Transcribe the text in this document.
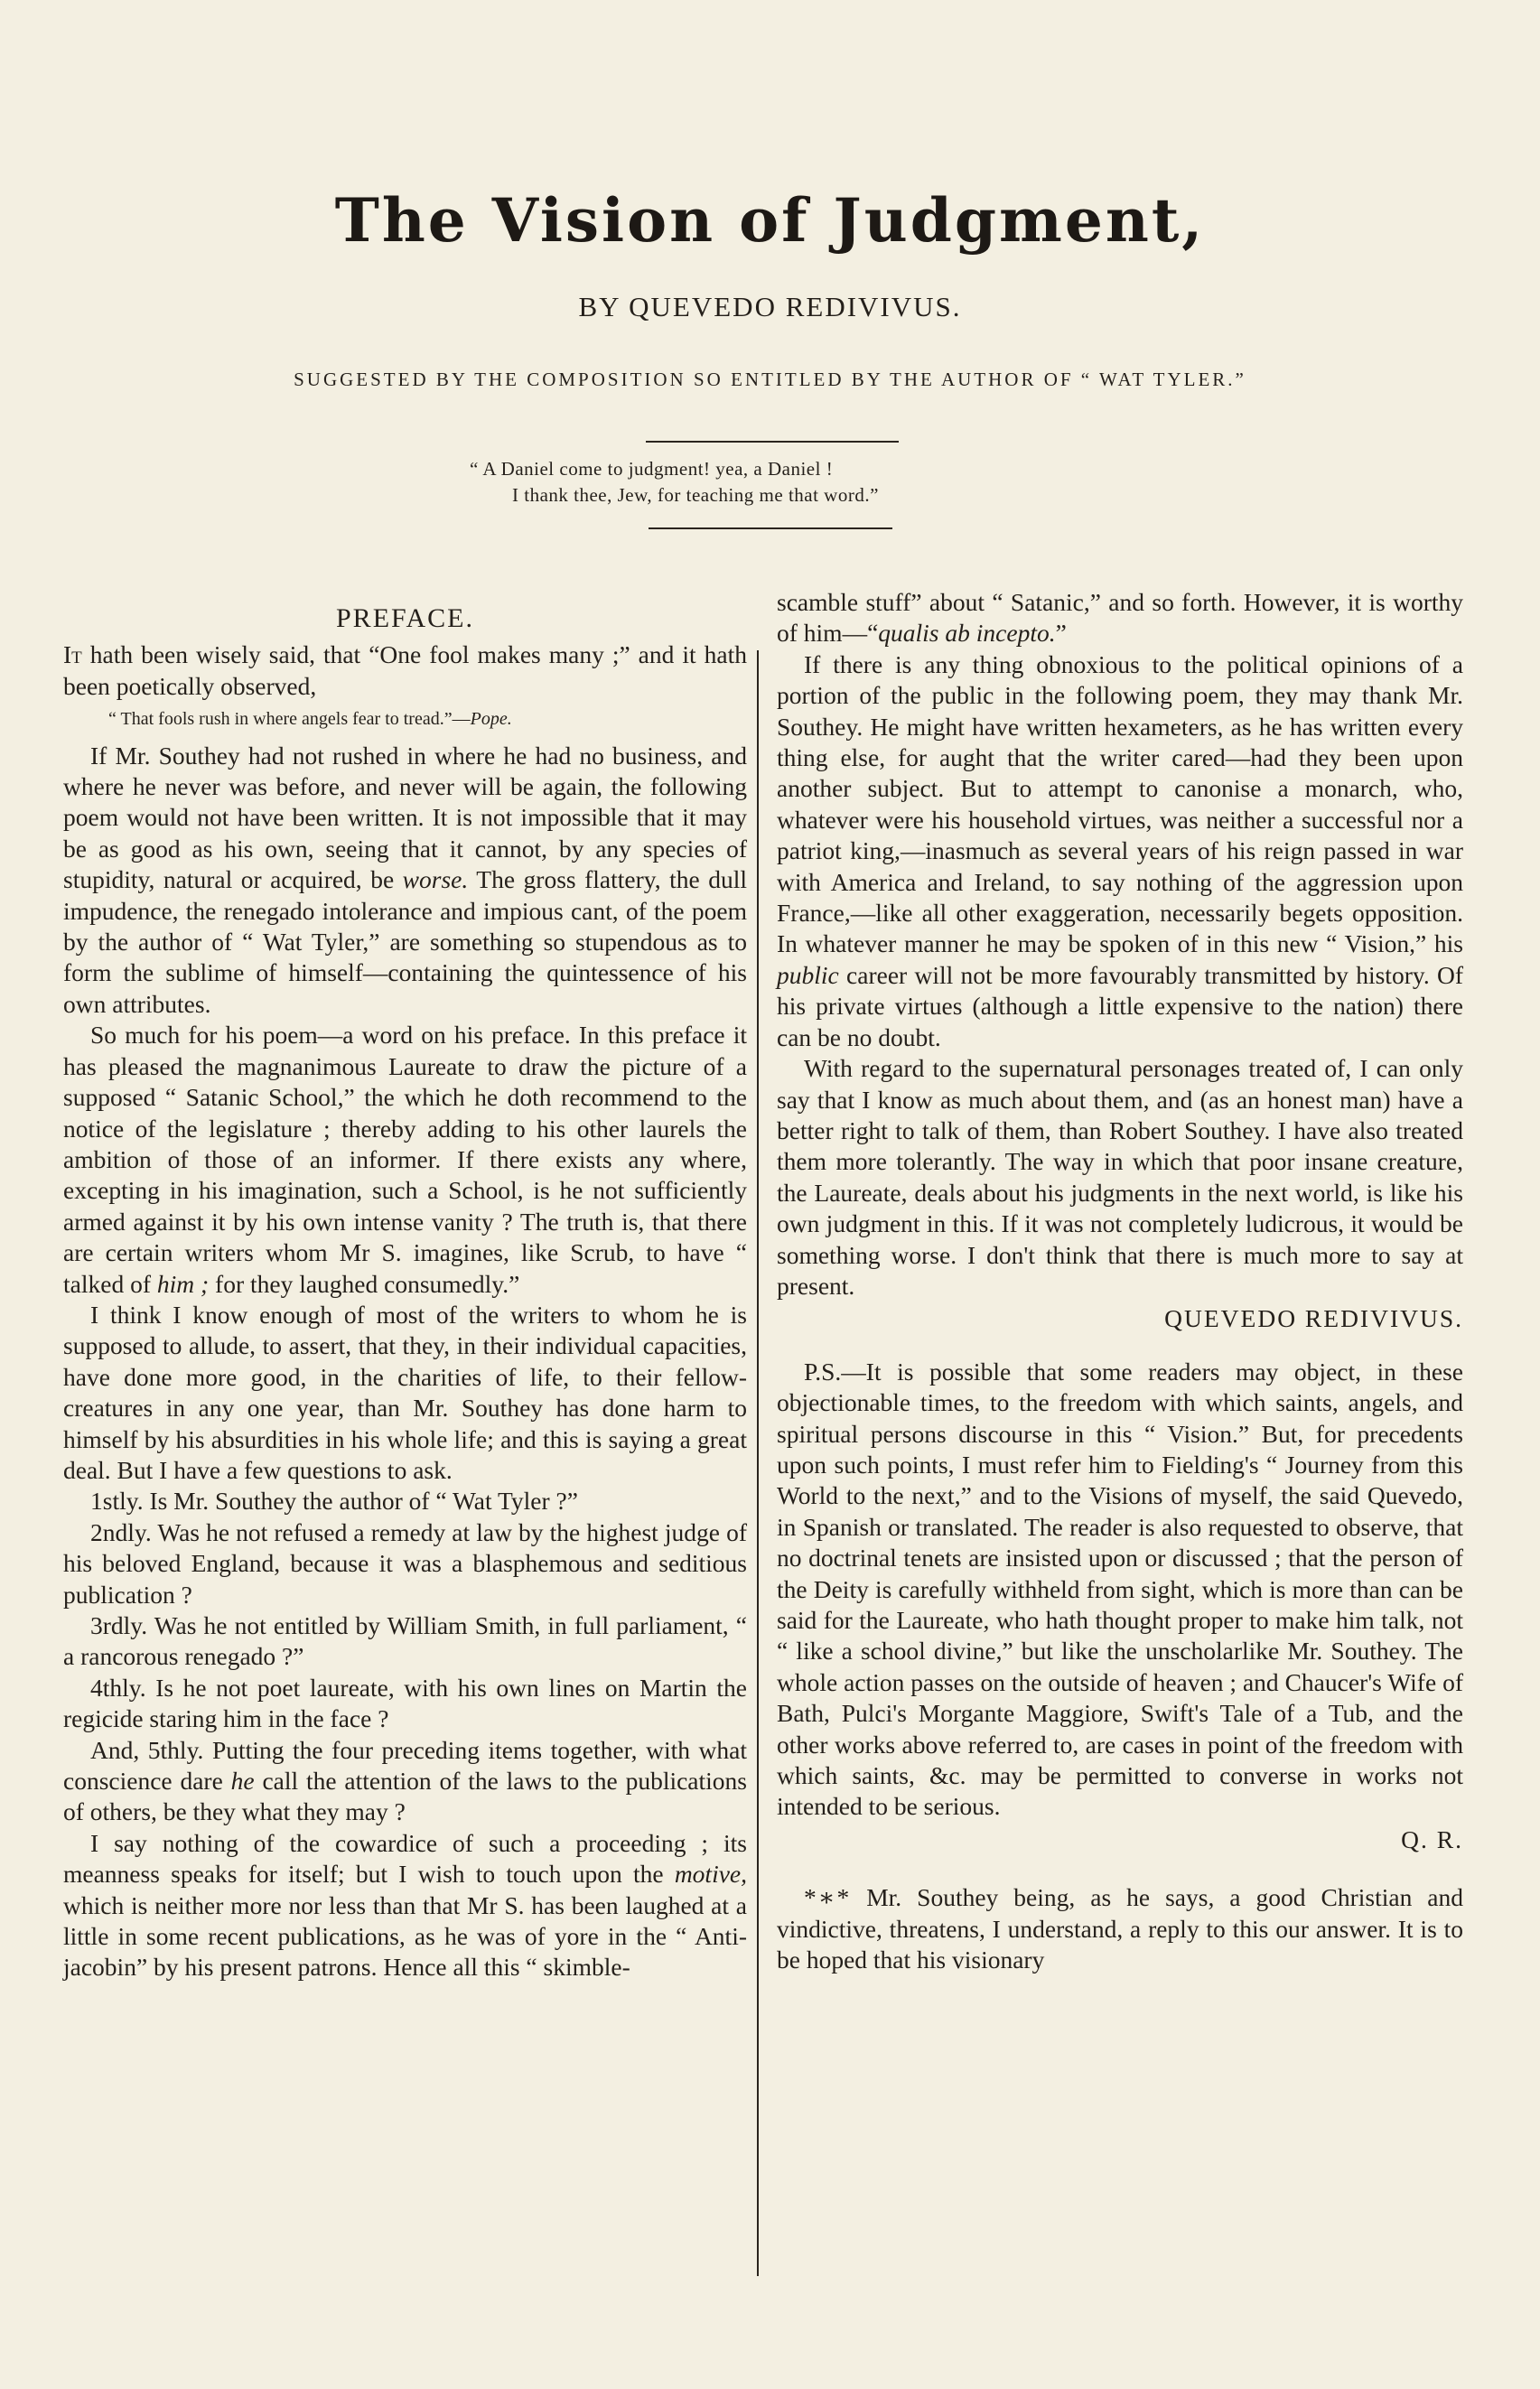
The Vision of Judgment,
BY QUEVEDO REDIVIVUS.
SUGGESTED BY THE COMPOSITION SO ENTITLED BY THE AUTHOR OF “ WAT TYLER.”
“ A Daniel come to judgment! yea, a Daniel !
I thank thee, Jew, for teaching me that word.”
PREFACE.

It hath been wisely said, that “One fool makes many ;” and it hath been poetically observed,

“ That fools rush in where angels fear to tread.”—Pope.

If Mr. Southey had not rushed in where he had no business, and where he never was before, and never will be again, the following poem would not have been written. It is not impossible that it may be as good as his own, seeing that it cannot, by any species of stupidity, natural or acquired, be worse. The gross flattery, the dull impudence, the renegado intolerance and impious cant, of the poem by the author of “ Wat Tyler,” are something so stupendous as to form the sublime of himself—containing the quintessence of his own attributes.

So much for his poem—a word on his preface. In this preface it has pleased the magnanimous Laureate to draw the picture of a supposed “ Satanic School,” the which he doth recommend to the notice of the legislature ; thereby adding to his other laurels the ambition of those of an informer. If there exists any where, excepting in his imagination, such a School, is he not sufficiently armed against it by his own intense vanity ? The truth is, that there are certain writers whom Mr S. imagines, like Scrub, to have “ talked of him ; for they laughed consumedly.”

I think I know enough of most of the writers to whom he is supposed to allude, to assert, that they, in their individual capacities, have done more good, in the charities of life, to their fellow-creatures in any one year, than Mr. Southey has done harm to himself by his absurdities in his whole life; and this is saying a great deal. But I have a few questions to ask.

1stly. Is Mr. Southey the author of “ Wat Tyler ?”

2ndly. Was he not refused a remedy at law by the highest judge of his beloved England, because it was a blasphemous and seditious publication ?

3rdly. Was he not entitled by William Smith, in full parliament, “ a rancorous renegado ?”

4thly. Is he not poet laureate, with his own lines on Martin the regicide staring him in the face ?

And, 5thly. Putting the four preceding items together, with what conscience dare he call the attention of the laws to the publications of others, be they what they may ?

I say nothing of the cowardice of such a proceeding ; its meanness speaks for itself; but I wish to touch upon the motive, which is neither more nor less than that Mr S. has been laughed at a little in some recent publications, as he was of yore in the “ Anti-jacobin” by his present patrons. Hence all this “ skimble-

scamble stuff” about “ Satanic,” and so forth. However, it is worthy of him—“qualis ab incepto.”

If there is any thing obnoxious to the political opinions of a portion of the public in the following poem, they may thank Mr. Southey. He might have written hexameters, as he has written every thing else, for aught that the writer cared—had they been upon another subject. But to attempt to canonise a monarch, who, whatever were his household virtues, was neither a successful nor a patriot king,—inasmuch as several years of his reign passed in war with America and Ireland, to say nothing of the aggression upon France,—like all other exaggeration, necessarily begets opposition. In whatever manner he may be spoken of in this new “ Vision,” his public career will not be more favourably transmitted by history. Of his private virtues (although a little expensive to the nation) there can be no doubt.

With regard to the supernatural personages treated of, I can only say that I know as much about them, and (as an honest man) have a better right to talk of them, than Robert Southey. I have also treated them more tolerantly. The way in which that poor insane creature, the Laureate, deals about his judgments in the next world, is like his own judgment in this. If it was not completely ludicrous, it would be something worse. I don't think that there is much more to say at present.

QUEVEDO REDIVIVUS.

P.S.—It is possible that some readers may object, in these objectionable times, to the freedom with which saints, angels, and spiritual persons discourse in this “ Vision.” But, for precedents upon such points, I must refer him to Fielding's “ Journey from this World to the next,” and to the Visions of myself, the said Quevedo, in Spanish or translated. The reader is also requested to observe, that no doctrinal tenets are insisted upon or discussed ; that the person of the Deity is carefully withheld from sight, which is more than can be said for the Laureate, who hath thought proper to make him talk, not “ like a school divine,” but like the unscholarlike Mr. Southey. The whole action passes on the outside of heaven ; and Chaucer's Wife of Bath, Pulci's Morgante Maggiore, Swift's Tale of a Tub, and the other works above referred to, are cases in point of the freedom with which saints, &c. may be permitted to converse in works not intended to be serious.

Q. R.

*∗* Mr. Southey being, as he says, a good Christian and vindictive, threatens, I understand, a reply to this our answer. It is to be hoped that his visionary
